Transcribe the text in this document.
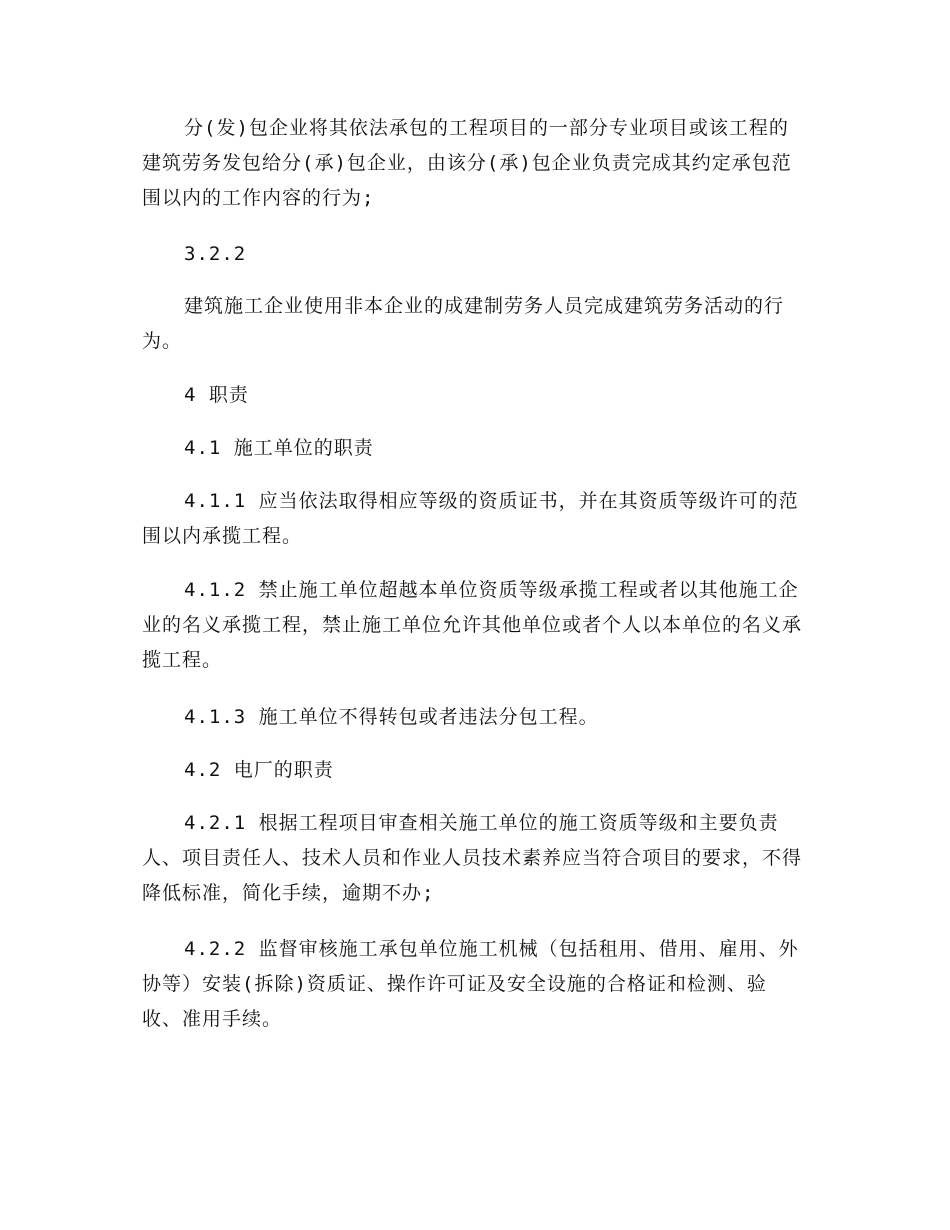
分(发)包企业将其依法承包的工程项目的一部分专业项目或该工程的建筑劳务发包给分(承)包企业，由该分(承)包企业负责完成其约定承包范围以内的工作内容的行为;

3.2.2

建筑施工企业使用非本企业的成建制劳务人员完成建筑劳务活动的行为。

4 职责

4.1 施工单位的职责

4.1.1 应当依法取得相应等级的资质证书，并在其资质等级许可的范围以内承揽工程。

4.1.2 禁止施工单位超越本单位资质等级承揽工程或者以其他施工企业的名义承揽工程，禁止施工单位允许其他单位或者个人以本单位的名义承揽工程。

4.1.3 施工单位不得转包或者违法分包工程。

4.2 电厂的职责

4.2.1 根据工程项目审查相关施工单位的施工资质等级和主要负责人、项目责任人、技术人员和作业人员技术素养应当符合项目的要求，不得降低标准，简化手续，逾期不办;

4.2.2 监督审核施工承包单位施工机械（包括租用、借用、雇用、外协等）安装(拆除)资质证、操作许可证及安全设施的合格证和检测、验收、准用手续。
